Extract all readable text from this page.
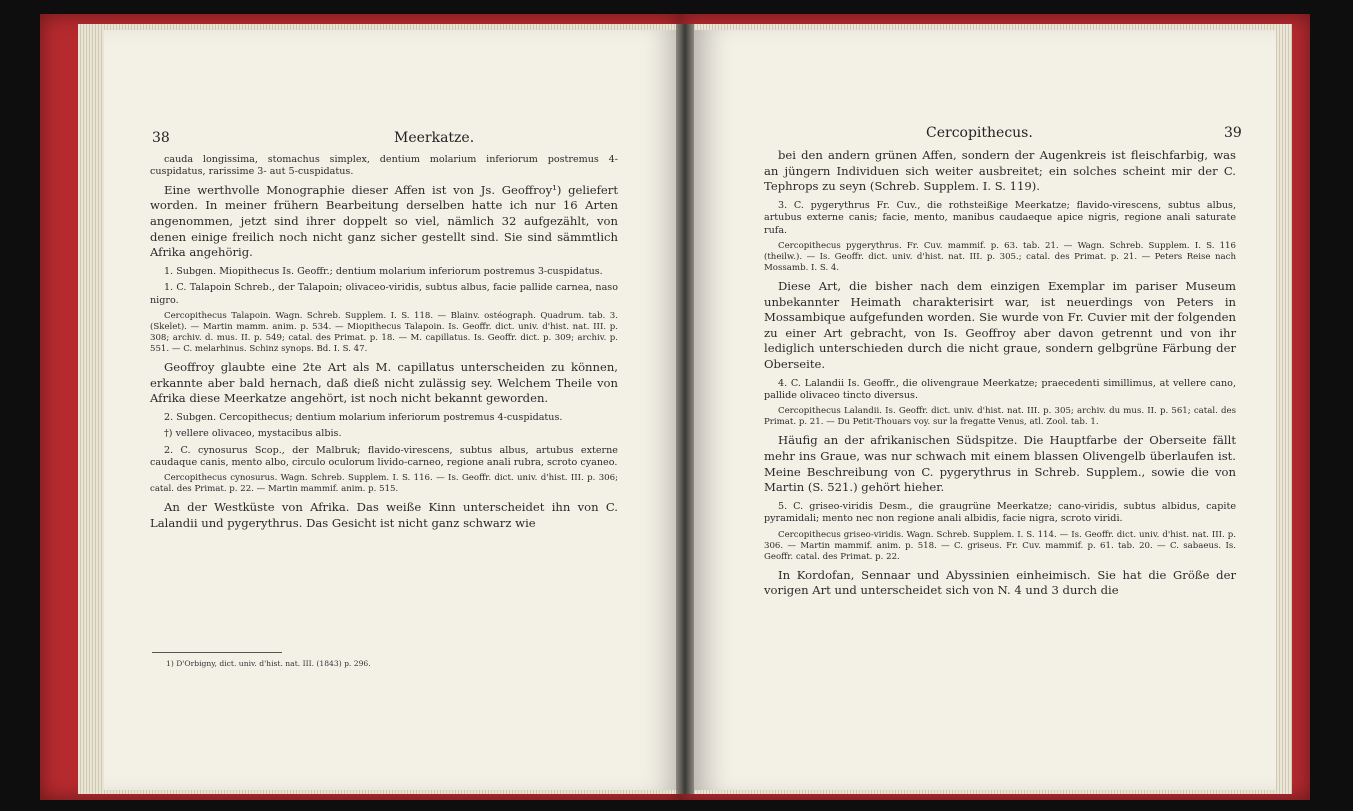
38	Meerkatze.

cauda longissima, stomachus simplex, dentium molarium inferiorum postremus 4-cuspidatus, rarissime 3- aut 5-cuspidatus.

Eine werthvolle Monographie dieser Affen ist von Js. Geoffroy¹) geliefert worden. In meiner frühern Bearbeitung derselben hatte ich nur 16 Arten angenommen, jetzt sind ihrer doppelt so viel, nämlich 32 aufgezählt, von denen einige freilich noch nicht ganz sicher gestellt sind. Sie sind sämmtlich Afrika angehörig.

1. Subgen. Miopithecus Is. Geoffr.; dentium molarium inferiorum postremus 3-cuspidatus.

1. C. Talapoin Schreb., der Talapoin; olivaceo-viridis, subtus albus, facie pallide carnea, naso nigro.

Cercopithecus Talapoin. Wagn. Schreb. Supplem. I. S. 118. — Blainv. ostéograph. Quadrum. tab. 3. (Skelet). — Martin mamm. anim. p. 534. — Miopithecus Talapoin. Is. Geoffr. dict. univ. d'hist. nat. III. p. 308; archiv. d. mus. II. p. 549; catal. des Primat. p. 18. — M. capillatus. Is. Geoffr. dict. p. 309; archiv. p. 551. — C. melarhinus. Schinz synops. Bd. I. S. 47.

Geoffroy glaubte eine 2te Art als M. capillatus unterscheiden zu können, erkannte aber bald hernach, daß dieß nicht zulässig sey. Welchem Theile von Afrika diese Meerkatze angehört, ist noch nicht bekannt geworden.

2. Subgen. Cercopithecus; dentium molarium inferiorum postremus 4-cuspidatus.

†) vellere olivaceo, mystacibus albis.

2. C. cynosurus Scop., der Malbruk; flavido-virescens, subtus albus, artubus externe caudaque canis, mento albo, circulo oculorum livido-carneo, regione anali rubra, scroto cyaneo.

Cercopithecus cynosurus. Wagn. Schreb. Supplem. I. S. 116. — Is. Geoffr. dict. univ. d'hist. III. p. 306; catal. des Primat. p. 22. — Martin mammif. anim. p. 515.

An der Westküste von Afrika. Das weiße Kinn unterscheidet ihn von C. Lalandii und pygerythrus. Das Gesicht ist nicht ganz schwarz wie

1) D'Orbigny, dict. univ. d'hist. nat. III. (1843) p. 296.
Cercopithecus.	39

bei den andern grünen Affen, sondern der Augenkreis ist fleischfarbig, was an jüngern Individuen sich weiter ausbreitet; ein solches scheint mir der C. Tephrops zu seyn (Schreb. Supplem. I. S. 119).

3. C. pygerythrus Fr. Cuv., die rothsteißige Meerkatze; flavido-virescens, subtus albus, artubus externe canis; facie, mento, manibus caudaeque apice nigris, regione anali saturate rufa.

Cercopithecus pygerythrus. Fr. Cuv. mammif. p. 63. tab. 21. — Wagn. Schreb. Supplem. I. S. 116 (theilw.). — Is. Geoffr. dict. univ. d'hist. nat. III. p. 305.; catal. des Primat. p. 21. — Peters Reise nach Mossamb. I. S. 4.

Diese Art, die bisher nach dem einzigen Exemplar im pariser Museum unbekannter Heimath charakterisirt war, ist neuerdings von Peters in Mossambique aufgefunden worden. Sie wurde von Fr. Cuvier mit der folgenden zu einer Art gebracht, von Is. Geoffroy aber davon getrennt und von ihr lediglich unterschieden durch die nicht graue, sondern gelbgrüne Färbung der Oberseite.

4. C. Lalandii Is. Geoffr., die olivengraue Meerkatze; praecedenti simillimus, at vellere cano, pallide olivaceo tincto diversus.

Cercopithecus Lalandii. Is. Geoffr. dict. univ. d'hist. nat. III. p. 305; archiv. du mus. II. p. 561; catal. des Primat. p. 21. — Du Petit-Thouars voy. sur la fregatte Venus, atl. Zool. tab. 1.

Häufig an der afrikanischen Südspitze. Die Hauptfarbe der Oberseite fällt mehr ins Graue, was nur schwach mit einem blassen Olivengelb überlaufen ist. Meine Beschreibung von C. pygerythrus in Schreb. Supplem., sowie die von Martin (S. 521.) gehört hieher.

5. C. griseo-viridis Desm., die graugrüne Meerkatze; cano-viridis, subtus albidus, capite pyramidali; mento nec non regione anali albidis, facie nigra, scroto viridi.

Cercopithecus griseo-viridis. Wagn. Schreb. Supplem. I. S. 114. — Is. Geoffr. dict. univ. d'hist. nat. III. p. 306. — Martin mammif. anim. p. 518. — C. griseus. Fr. Cuv. mammif. p. 61. tab. 20. — C. sabaeus. Is. Geoffr. catal. des Primat. p. 22.

In Kordofan, Sennaar und Abyssinien einheimisch. Sie hat die Größe der vorigen Art und unterscheidet sich von N. 4 und 3 durch die
